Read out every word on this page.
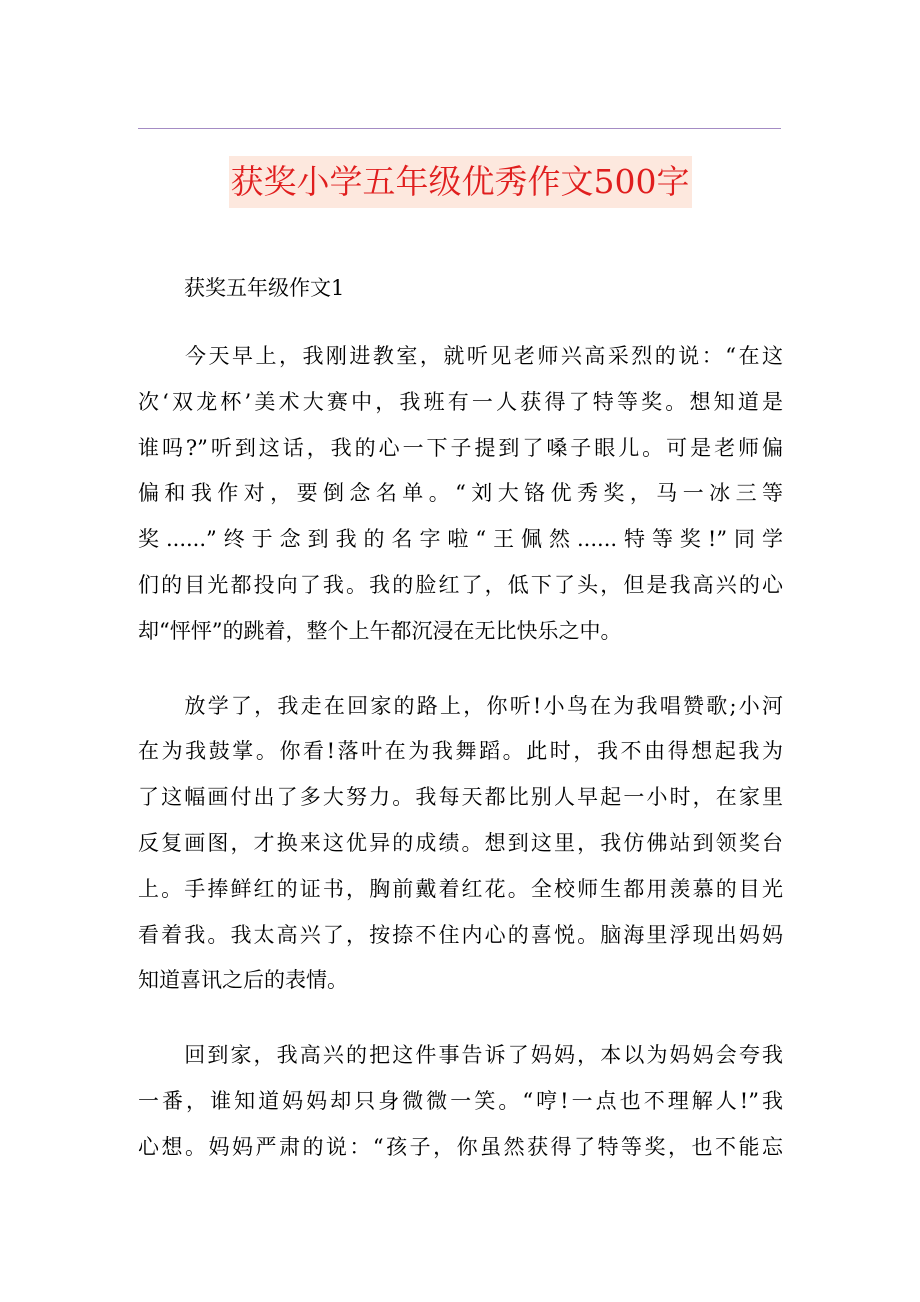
获奖小学五年级优秀作文500字
获奖五年级作文1
　　今天早上，我刚进教室，就听见老师兴高采烈的说：“在这
次‘双龙杯’美术大赛中，我班有一人获得了特等奖。想知道是
谁吗?”听到这话，我的心一下子提到了嗓子眼儿。可是老师偏
偏和我作对，要倒念名单。“刘大铬优秀奖，马一冰三等
奖......”终于念到我的名字啦“王佩然......特等奖!”同学
们的目光都投向了我。我的脸红了，低下了头，但是我高兴的心
却“怦怦”的跳着，整个上午都沉浸在无比快乐之中。
　　放学了，我走在回家的路上，你听!小鸟在为我唱赞歌;小河
在为我鼓掌。你看!落叶在为我舞蹈。此时，我不由得想起我为
了这幅画付出了多大努力。我每天都比别人早起一小时，在家里
反复画图，才换来这优异的成绩。想到这里，我仿佛站到领奖台
上。手捧鲜红的证书，胸前戴着红花。全校师生都用羡慕的目光
看着我。我太高兴了，按捺不住内心的喜悦。脑海里浮现出妈妈
知道喜讯之后的表情。
　　回到家，我高兴的把这件事告诉了妈妈，本以为妈妈会夸我
一番，谁知道妈妈却只身微微一笑。“哼!一点也不理解人!”我
心想。妈妈严肃的说：“孩子，你虽然获得了特等奖，也不能忘
